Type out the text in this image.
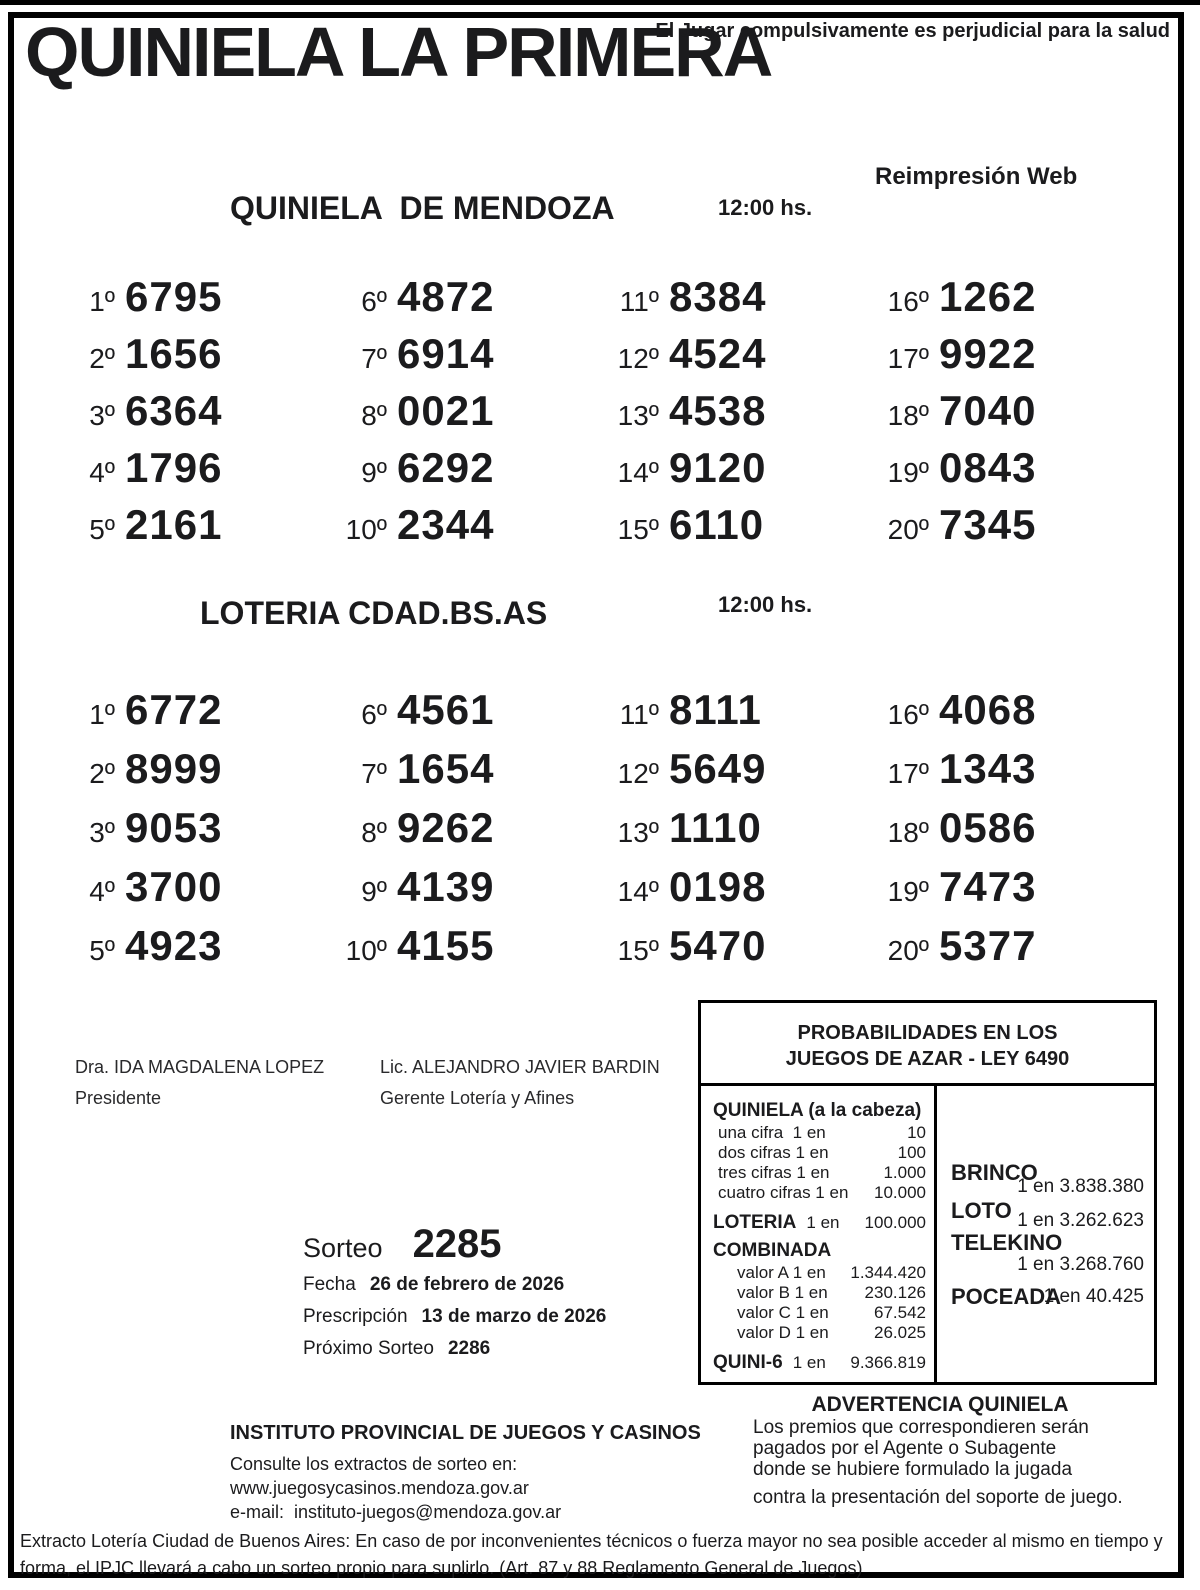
QUINIELA LA PRIMERA
El Jugar compulsivamente es perjudicial para la salud
QUINIELA  DE MENDOZA	12:00 hs.
Reimpresión Web
1º 6795
2º 1656
3º 6364
4º 1796
5º 2161
6º 4872
7º 6914
8º 0021
9º 6292
10º 2344
11º 8384
12º 4524
13º 4538
14º 9120
15º 6110
16º 1262
17º 9922
18º 7040
19º 0843
20º 7345
LOTERIA CDAD.BS.AS	12:00 hs.
1º 6772
2º 8999
3º 9053
4º 3700
5º 4923
6º 4561
7º 1654
8º 9262
9º 4139
10º 4155
11º 8111
12º 5649
13º 1110
14º 0198
15º 5470
16º 4068
17º 1343
18º 0586
19º 7473
20º 5377
Dra. IDA MAGDALENA LOPEZ
Presidente
Lic. ALEJANDRO JAVIER BARDIN
Gerente Lotería y Afines
Sorteo 2285
Fecha 26 de febrero de 2026
Prescripción 13 de marzo de 2026
Próximo Sorteo 2286
PROBABILIDADES EN LOS
JUEGOS DE AZAR - LEY 6490
QUINIELA (a la cabeza)
una cifra  1 en	10
dos cifras 1 en	100
tres cifras 1 en	1.000
cuatro cifras 1 en 10.000
LOTERIA 1 en 100.000
COMBINADA
valor A 1 en 1.344.420
valor B 1 en 230.126
valor C 1 en	67.542
valor D 1 en	26.025
QUINI-6 1 en 9.366.819
BRINCO
1 en 3.838.380
LOTO 1 en 3.262.623
TELEKINO
1 en 3.268.760
POCEADA
1 en 40.425
ADVERTENCIA QUINIELA
Los premios que correspondieren serán
pagados por el Agente o Subagente
donde se hubiere formulado la jugada
contra la presentación del soporte de juego.
INSTITUTO PROVINCIAL DE JUEGOS Y CASINOS
Consulte los extractos de sorteo en:
www.juegosycasinos.mendoza.gov.ar
e-mail:  instituto-juegos@mendoza.gov.ar
Extracto Lotería Ciudad de Buenos Aires: En caso de por inconvenientes técnicos o fuerza mayor no sea posible acceder al mismo en tiempo y
forma, el IPJC llevará a cabo un sorteo propio para suplirlo. (Art. 87 y 88 Reglamento General de Juegos)
